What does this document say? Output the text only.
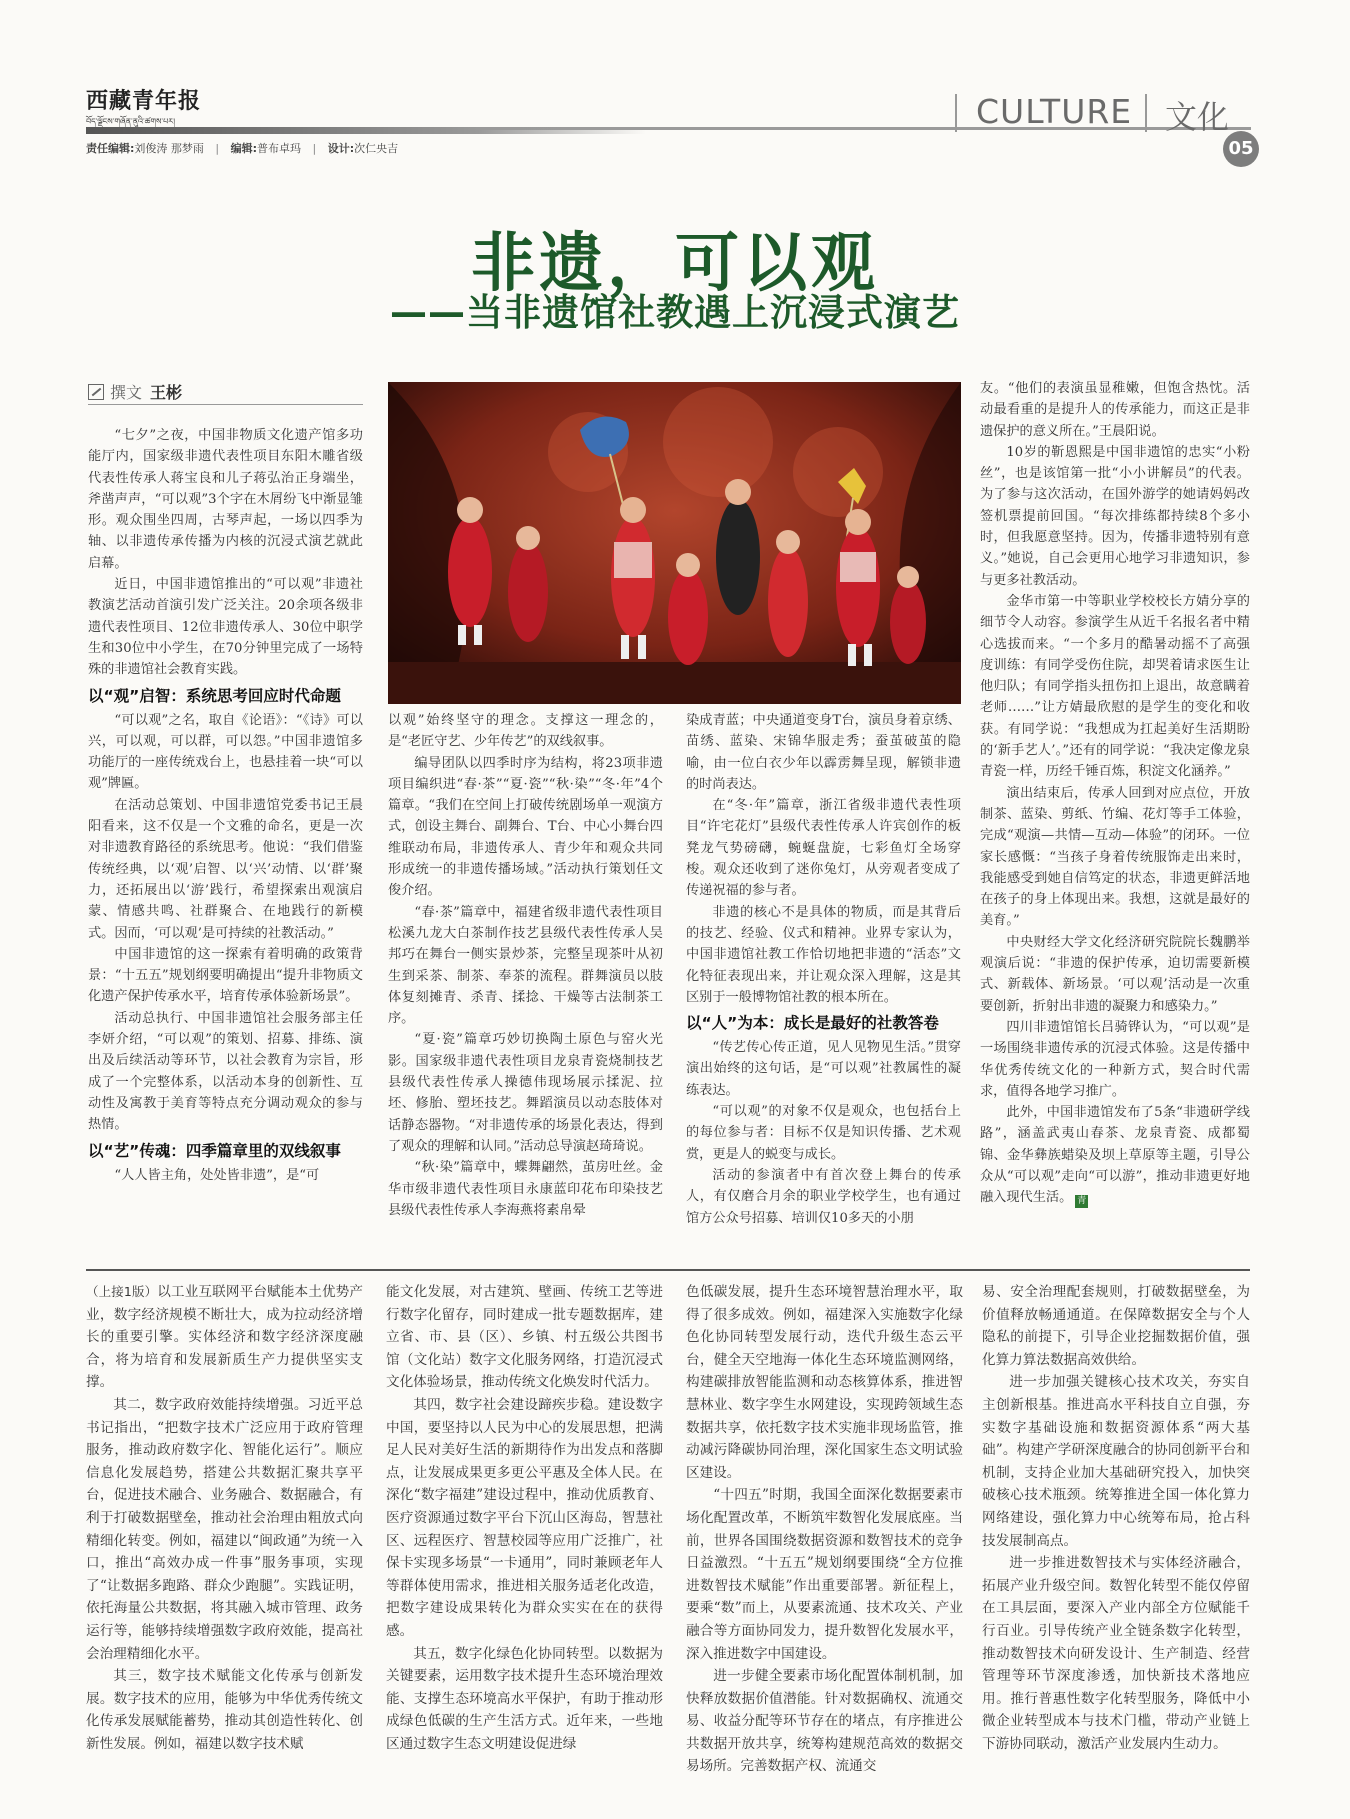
西藏青年报
བོད་ལྗོངས་གཞོན་ནུའི་ཚགས་པར།	CULTURE 文化
05
责任编辑:刘俊涛 那梦雨 | 编辑:普布卓玛 | 设计:次仁央吉
非遗，可以观
——当非遗馆社教遇上沉浸式演艺
撰文 王彬

“七夕”之夜，中国非物质文化遗产馆多功能厅内，国家级非遗代表性项目东阳木雕省级代表性传承人蒋宝良和儿子蒋弘治正身端坐，斧凿声声，“可以观”3个字在木屑纷飞中渐显雏形。观众围坐四周，古琴声起，一场以四季为轴、以非遗传承传播为内核的沉浸式演艺就此启幕。

近日，中国非遗馆推出的“可以观”非遗社教演艺活动首演引发广泛关注。20余项各级非遗代表性项目、12位非遗传承人、30位中职学生和30位中小学生，在70分钟里完成了一场特殊的非遗馆社会教育实践。

以“观”启智：系统思考回应时代命题

“可以观”之名，取自《论语》：“《诗》可以兴，可以观，可以群，可以怨。”中国非遗馆多功能厅的一座传统戏台上，也悬挂着一块“可以观”牌匾。

在活动总策划、中国非遗馆党委书记王晨阳看来，这不仅是一个文雅的命名，更是一次对非遗教育路径的系统思考。他说：“我们借鉴传统经典，以‘观’启智、以‘兴’动情、以‘群’聚力，还拓展出以‘游’践行，希望探索出观演启蒙、情感共鸣、社群聚合、在地践行的新模式。因而，‘可以观’是可持续的社教活动。”

中国非遗馆的这一探索有着明确的政策背景：“十五五”规划纲要明确提出“提升非物质文化遗产保护传承水平，培育传承体验新场景”。

活动总执行、中国非遗馆社会服务部主任李妍介绍，“可以观”的策划、招募、排练、演出及后续活动等环节，以社会教育为宗旨，形成了一个完整体系，以活动本身的创新性、互动性及寓教于美育等特点充分调动观众的参与热情。

以“艺”传魂：四季篇章里的双线叙事

“人人皆主角，处处皆非遗”，是“可

以观”始终坚守的理念。支撑这一理念的，是“老匠守艺、少年传艺”的双线叙事。

编导团队以四季时序为结构，将23项非遗项目编织进“春·茶”“夏·瓷”“秋·染”“冬·年”4个篇章。“我们在空间上打破传统剧场单一观演方式，创设主舞台、副舞台、T台、中心小舞台四维联动布局，非遗传承人、青少年和观众共同形成统一的非遗传播场域。”活动执行策划任文俊介绍。

“春·茶”篇章中，福建省级非遗代表性项目松溪九龙大白茶制作技艺县级代表性传承人吴邦巧在舞台一侧实景炒茶，完整呈现茶叶从初生到采茶、制茶、奉茶的流程。群舞演员以肢体复刻摊青、杀青、揉捻、干燥等古法制茶工序。

“夏·瓷”篇章巧妙切换陶土原色与窑火光影。国家级非遗代表性项目龙泉青瓷烧制技艺县级代表性传承人操德伟现场展示揉泥、拉坯、修胎、塑坯技艺。舞蹈演员以动态肢体对话静态器物。“对非遗传承的场景化表达，得到了观众的理解和认同。”活动总导演赵琦琦说。

“秋·染”篇章中，蝶舞翩然，茧房吐丝。金华市级非遗代表性项目永康蓝印花布印染技艺县级代表性传承人李海燕将素帛晕

染成青蓝；中央通道变身T台，演员身着京绣、苗绣、蓝染、宋锦华服走秀；蚕茧破茧的隐喻，由一位白衣少年以霹雳舞呈现，解锁非遗的时尚表达。

在“冬·年”篇章，浙江省级非遗代表性项目“许宅花灯”县级代表性传承人许宾创作的板凳龙气势磅礴，蜿蜒盘旋，七彩鱼灯全场穿梭。观众还收到了迷你兔灯，从旁观者变成了传递祝福的参与者。

非遗的核心不是具体的物质，而是其背后的技艺、经验、仪式和精神。业界专家认为，中国非遗馆社教工作恰切地把非遗的“活态”文化特征表现出来，并让观众深入理解，这是其区别于一般博物馆社教的根本所在。

以“人”为本：成长是最好的社教答卷

“传艺传心传正道，见人见物见生活。”贯穿演出始终的这句话，是“可以观”社教属性的凝练表达。

“可以观”的对象不仅是观众，也包括台上的每位参与者：目标不仅是知识传播、艺术观赏，更是人的蜕变与成长。

活动的参演者中有首次登上舞台的传承人，有仅磨合月余的职业学校学生，也有通过馆方公众号招募、培训仅10多天的小朋

友。“他们的表演虽显稚嫩，但饱含热忱。活动最看重的是提升人的传承能力，而这正是非遗保护的意义所在。”王晨阳说。

10岁的靳恩熙是中国非遗馆的忠实“小粉丝”，也是该馆第一批“小小讲解员”的代表。为了参与这次活动，在国外游学的她请妈妈改签机票提前回国。“每次排练都持续8个多小时，但我愿意坚持。因为，传播非遗特别有意义。”她说，自己会更用心地学习非遗知识，参与更多社教活动。

金华市第一中等职业学校校长方婧分享的细节令人动容。参演学生从近千名报名者中精心选拔而来。“一个多月的酷暑动摇不了高强度训练：有同学受伤住院，却哭着请求医生让他归队；有同学指头扭伤扣上退出，故意瞒着老师……”让方婧最欣慰的是学生的变化和收获。有同学说：“我想成为扛起美好生活期盼的‘新手艺人’。”还有的同学说：“我决定像龙泉青瓷一样，历经千锤百炼，积淀文化涵养。”

演出结束后，传承人回到对应点位，开放制茶、蓝染、剪纸、竹编、花灯等手工体验，完成“观演—共情—互动—体验”的闭环。一位家长感慨：“当孩子身着传统服饰走出来时，我能感受到她自信笃定的状态，非遗更鲜活地在孩子的身上体现出来。我想，这就是最好的美育。”

中央财经大学文化经济研究院院长魏鹏举观演后说：“非遗的保护传承，迫切需要新模式、新载体、新场景。‘可以观’活动是一次重要创新，折射出非遗的凝聚力和感染力。”

四川非遗馆馆长吕骑铧认为，“可以观”是一场围绕非遗传承的沉浸式体验。这是传播中华优秀传统文化的一种新方式，契合时代需求，值得各地学习推广。

此外，中国非遗馆发布了5条“非遗研学线路”，涵盖武夷山春茶、龙泉青瓷、成都蜀锦、金华彝族蜡染及坝上草原等主题，引导公众从“可以观”走向“可以游”，推动非遗更好地融入现代生活。 青

（上接1版）以工业互联网平台赋能本土优势产业，数字经济规模不断壮大，成为拉动经济增长的重要引擎。实体经济和数字经济深度融合，将为培育和发展新质生产力提供坚实支撑。

其二，数字政府效能持续增强。习近平总书记指出，“把数字技术广泛应用于政府管理服务，推动政府数字化、智能化运行”。顺应信息化发展趋势，搭建公共数据汇聚共享平台，促进技术融合、业务融合、数据融合，有利于打破数据壁垒，推动社会治理由粗放式向精细化转变。例如，福建以“闽政通”为统一入口，推出“高效办成一件事”服务事项，实现了“让数据多跑路、群众少跑腿”。实践证明，依托海量公共数据，将其融入城市管理、政务运行等，能够持续增强数字政府效能，提高社会治理精细化水平。

其三，数字技术赋能文化传承与创新发展。数字技术的应用，能够为中华优秀传统文化传承发展赋能蓄势，推动其创造性转化、创新性发展。例如，福建以数字技术赋

能文化发展，对古建筑、壁画、传统工艺等进行数字化留存，同时建成一批专题数据库，建立省、市、县（区）、乡镇、村五级公共图书馆（文化站）数字文化服务网络，打造沉浸式文化体验场景，推动传统文化焕发时代活力。

其四，数字社会建设蹄疾步稳。建设数字中国，要坚持以人民为中心的发展思想，把满足人民对美好生活的新期待作为出发点和落脚点，让发展成果更多更公平惠及全体人民。在深化“数字福建”建设过程中，推动优质教育、医疗资源通过数字平台下沉山区海岛，智慧社区、远程医疗、智慧校园等应用广泛推广，社保卡实现多场景“一卡通用”，同时兼顾老年人等群体使用需求，推进相关服务适老化改造，把数字建设成果转化为群众实实在在的获得感。

其五，数字化绿色化协同转型。以数据为关键要素，运用数字技术提升生态环境治理效能、支撑生态环境高水平保护，有助于推动形成绿色低碳的生产生活方式。近年来，一些地区通过数字生态文明建设促进绿

色低碳发展，提升生态环境智慧治理水平，取得了很多成效。例如，福建深入实施数字化绿色化协同转型发展行动，迭代升级生态云平台，健全天空地海一体化生态环境监测网络，构建碳排放智能监测和动态核算体系，推进智慧林业、数字孪生水网建设，实现跨领域生态数据共享，依托数字技术实施非现场监管，推动减污降碳协同治理，深化国家生态文明试验区建设。

“十四五”时期，我国全面深化数据要素市场化配置改革，不断筑牢数智化发展底座。当前，世界各国围绕数据资源和数智技术的竞争日益激烈。“十五五”规划纲要围绕“全方位推进数智技术赋能”作出重要部署。新征程上，要乘“数”而上，从要素流通、技术攻关、产业融合等方面协同发力，提升数智化发展水平，深入推进数字中国建设。

进一步健全要素市场化配置体制机制，加快释放数据价值潜能。针对数据确权、流通交易、收益分配等环节存在的堵点，有序推进公共数据开放共享，统筹构建规范高效的数据交易场所。完善数据产权、流通交

易、安全治理配套规则，打破数据壁垒，为价值释放畅通通道。在保障数据安全与个人隐私的前提下，引导企业挖掘数据价值，强化算力算法数据高效供给。

进一步加强关键核心技术攻关，夯实自主创新根基。推进高水平科技自立自强，夯实数字基础设施和数据资源体系“两大基础”。构建产学研深度融合的协同创新平台和机制，支持企业加大基础研究投入，加快突破核心技术瓶颈。统筹推进全国一体化算力网络建设，强化算力中心统筹布局，抢占科技发展制高点。

进一步推进数智技术与实体经济融合，拓展产业升级空间。数智化转型不能仅停留在工具层面，要深入产业内部全方位赋能千行百业。引导传统产业全链条数字化转型，推动数智技术向研发设计、生产制造、经营管理等环节深度渗透，加快新技术落地应用。推行普惠性数字化转型服务，降低中小微企业转型成本与技术门槛，带动产业链上下游协同联动，激活产业发展内生动力。
